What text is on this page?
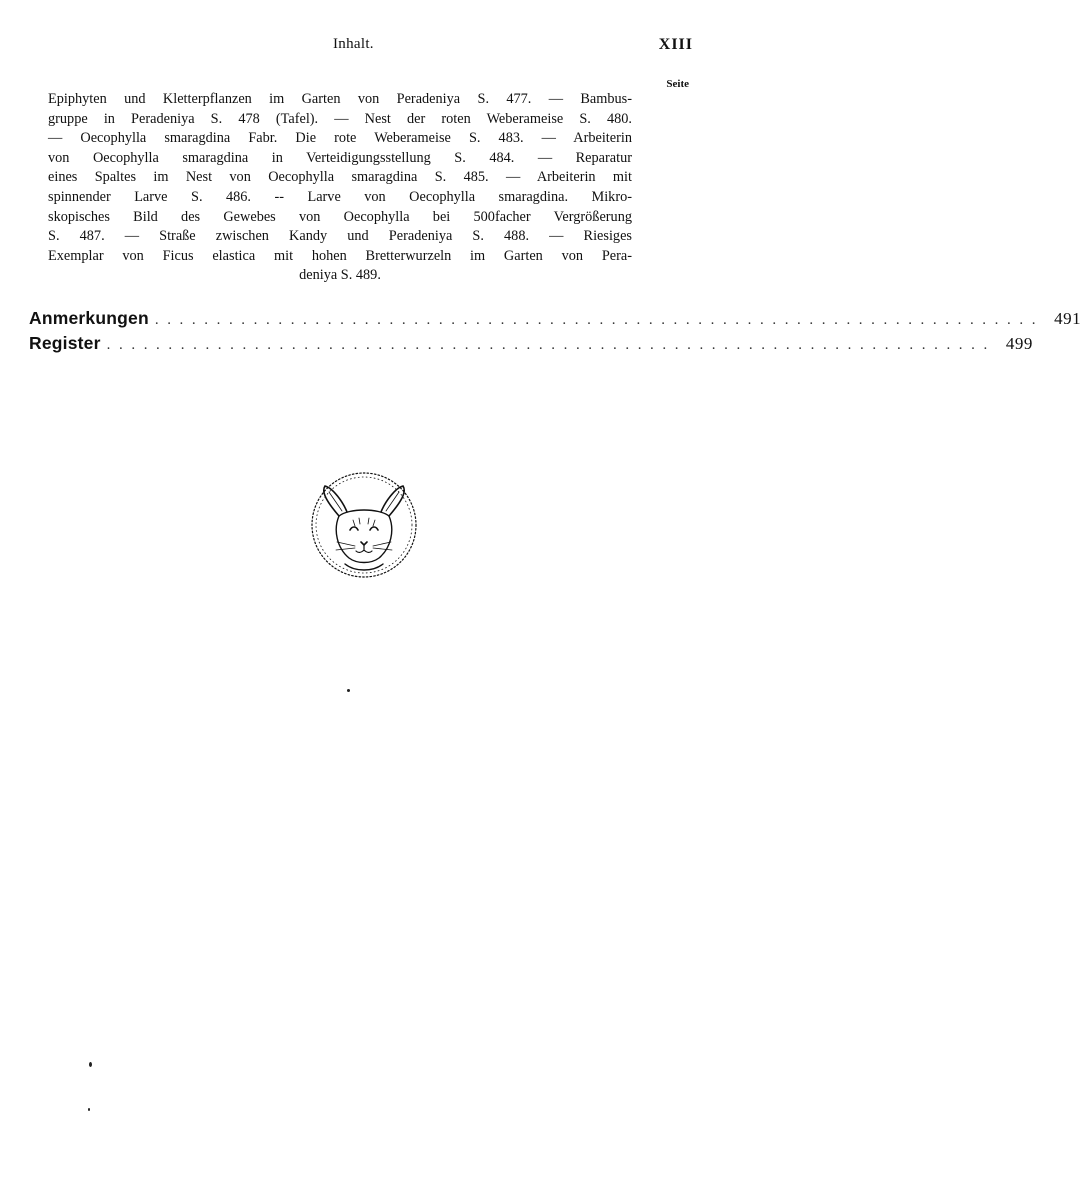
Inhalt.	XIII
Seite
Epiphyten und Kletterpflanzen im Garten von Peradeniya S. 477. — Bambus-
gruppe in Peradeniya S. 478 (Tafel). — Nest der roten Weberameise S. 480.
— Oecophylla smaragdina Fabr. Die rote Weberameise S. 483. — Arbeiterin
von Oecophylla smaragdina in Verteidigungsstellung S. 484. — Reparatur
eines Spaltes im Nest von Oecophylla smaragdina S. 485. — Arbeiterin mit
spinnender Larve S. 486. -- Larve von Oecophylla smaragdina. Mikro-
skopisches Bild des Gewebes von Oecophylla bei 500facher Vergrößerung
S. 487. — Straße zwischen Kandy und Peradeniya S. 488. — Riesiges
Exemplar von Ficus elastica mit hohen Bretterwurzeln im Garten von Pera-
deniya S. 489.
Anmerkungen ........................................................................ 491
Register ........................................................................ 499
